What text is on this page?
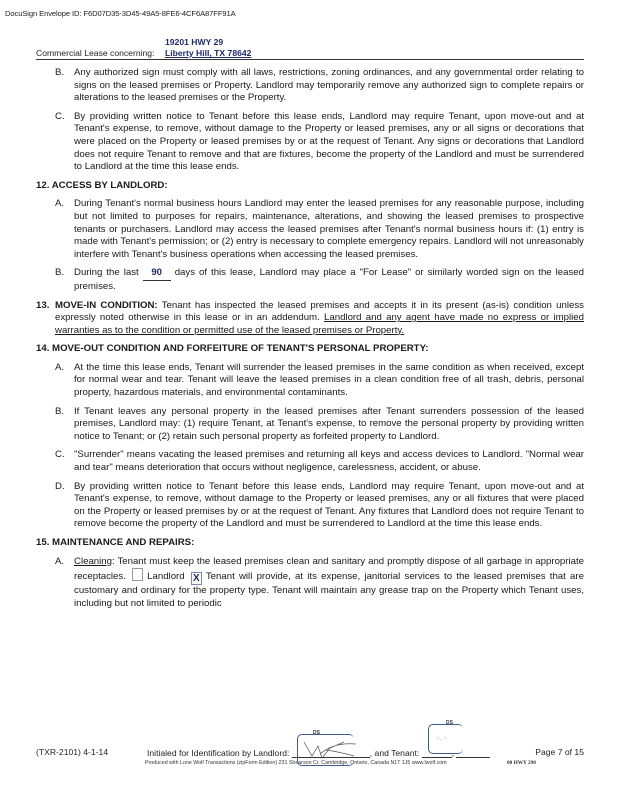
DocuSign Envelope ID: F6D07D35-3D45-49A5-8FE6-4CF6A87FF91A
19201 HWY 29
Commercial Lease concerning: Liberty Hill, TX 78642
B. Any authorized sign must comply with all laws, restrictions, zoning ordinances, and any governmental order relating to signs on the leased premises or Property. Landlord may temporarily remove any authorized sign to complete repairs or alterations to the leased premises or the Property.
C. By providing written notice to Tenant before this lease ends, Landlord may require Tenant, upon move-out and at Tenant's expense, to remove, without damage to the Property or leased premises, any or all signs or decorations that were placed on the Property or leased premises by or at the request of Tenant. Any signs or decorations that Landlord does not require Tenant to remove and that are fixtures, become the property of the Landlord and must be surrendered to Landlord at the time this lease ends.
12. ACCESS BY LANDLORD:
A. During Tenant's normal business hours Landlord may enter the leased premises for any reasonable purpose, including but not limited to purposes for repairs, maintenance, alterations, and showing the leased premises to prospective tenants or purchasers. Landlord may access the leased premises after Tenant's normal business hours if: (1) entry is made with Tenant's permission; or (2) entry is necessary to complete emergency repairs. Landlord will not unreasonably interfere with Tenant's business operations when accessing the leased premises.
B. During the last 90 days of this lease, Landlord may place a "For Lease" or similarly worded sign on the leased premises.
13. MOVE-IN CONDITION: Tenant has inspected the leased premises and accepts it in its present (as-is) condition unless expressly noted otherwise in this lease or in an addendum. Landlord and any agent have made no express or implied warranties as to the condition or permitted use of the leased premises or Property.
14. MOVE-OUT CONDITION AND FORFEITURE OF TENANT'S PERSONAL PROPERTY:
A. At the time this lease ends, Tenant will surrender the leased premises in the same condition as when received, except for normal wear and tear. Tenant will leave the leased premises in a clean condition free of all trash, debris, personal property, hazardous materials, and environmental contaminants.
B. If Tenant leaves any personal property in the leased premises after Tenant surrenders possession of the leased premises, Landlord may: (1) require Tenant, at Tenant's expense, to remove the personal property by providing written notice to Tenant; or (2) retain such personal property as forfeited property to Landlord.
C. "Surrender" means vacating the leased premises and returning all keys and access devices to Landlord. "Normal wear and tear" means deterioration that occurs without negligence, carelessness, accident, or abuse.
D. By providing written notice to Tenant before this lease ends, Landlord may require Tenant, upon move-out and at Tenant's expense, to remove, without damage to the Property or leased premises, any or all fixtures that were placed on the Property or leased premises by or at the request of Tenant. Any fixtures that Landlord does not require Tenant to remove become the property of the Landlord and must be surrendered to Landlord at the time this lease ends.
15. MAINTENANCE AND REPAIRS:
A. Cleaning: Tenant must keep the leased premises clean and sanitary and promptly dispose of all garbage in appropriate receptacles. Landlord X Tenant will provide, at its expense, janitorial services to the leased premises that are customary and ordinary for the property type. Tenant will maintain any grease trap on the Property which Tenant uses, including but not limited to periodic
(TXR-2101) 4-1-14	Initialed for Identification by Landlord:	, and Tenant:	,	Page 7 of 15
Produced with Lone Wolf Transactions (zipForm Edition) 231 Shearson Cr. Cambridge, Ontario, Canada N1T 1J5 www.lwolf.com	00 HWY 290
DS
DS
○꜀ ○
